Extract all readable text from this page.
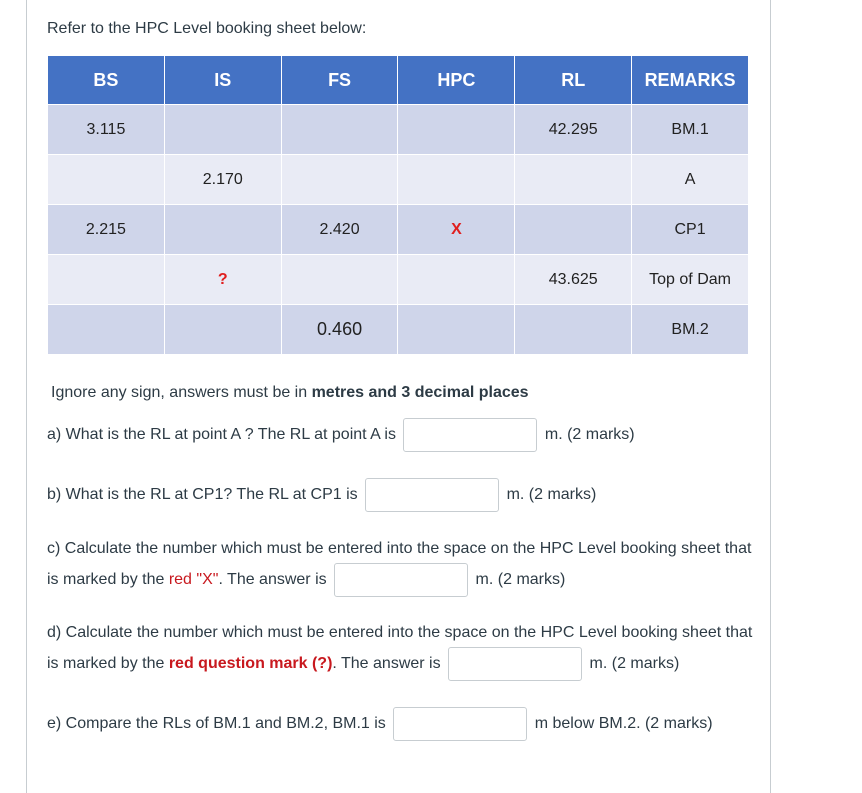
Refer to the HPC Level booking sheet below:
BS	IS	FS	HPC	RL	REMARKS
3.115				42.295	BM.1
	2.170				A
2.215		2.420	X		CP1
	?			43.625	Top of Dam
		0.460			BM.2
Ignore any sign, answers must be in metres and 3 decimal places
a) What is the RL at point A ? The RL at point A is	m. (2 marks)
b) What is the RL at CP1? The RL at CP1 is	m. (2 marks)
c) Calculate the number which must be entered into the space on the HPC Level booking sheet that
is marked by the red "X". The answer is	m. (2 marks)
d) Calculate the number which must be entered into the space on the HPC Level booking sheet that
is marked by the red question mark (?). The answer is	m. (2 marks)
e) Compare the RLs of BM.1 and BM.2, BM.1 is	m below BM.2. (2 marks)
